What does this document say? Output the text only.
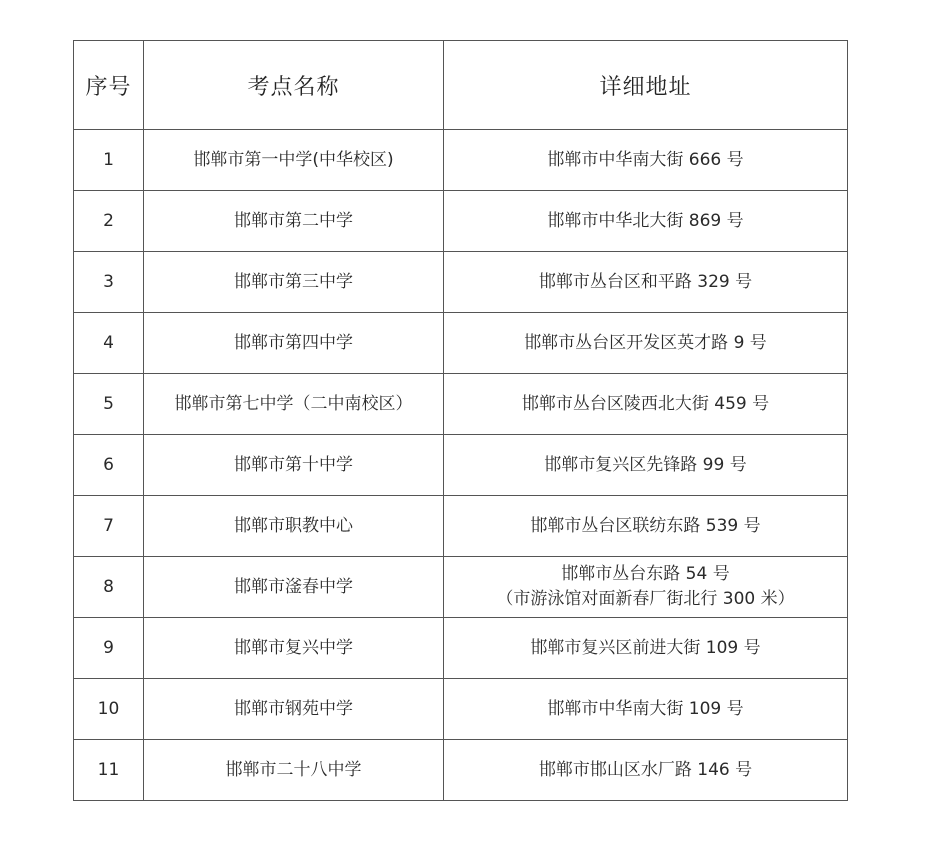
序号	考点名称	详细地址
1	邯郸市第一中学(中华校区)	邯郸市中华南大街 666 号

2	邯郸市第二中学	邯郸市中华北大街 869 号

3	邯郸市第三中学	邯郸市丛台区和平路 329 号

4	邯郸市第四中学	邯郸市丛台区开发区英才路 9 号

5	邯郸市第七中学（二中南校区）	邯郸市丛台区陵西北大街 459 号

6	邯郸市第十中学	邯郸市复兴区先锋路 99 号

7	邯郸市职教中心	邯郸市丛台区联纺东路 539 号

8	邯郸市滏春中学	邯郸市丛台东路 54 号
（市游泳馆对面新春厂街北行 300 米）

9	邯郸市复兴中学	邯郸市复兴区前进大街 109 号

10	邯郸市钢苑中学	邯郸市中华南大街 109 号

11	邯郸市二十八中学	邯郸市邯山区水厂路 146 号
